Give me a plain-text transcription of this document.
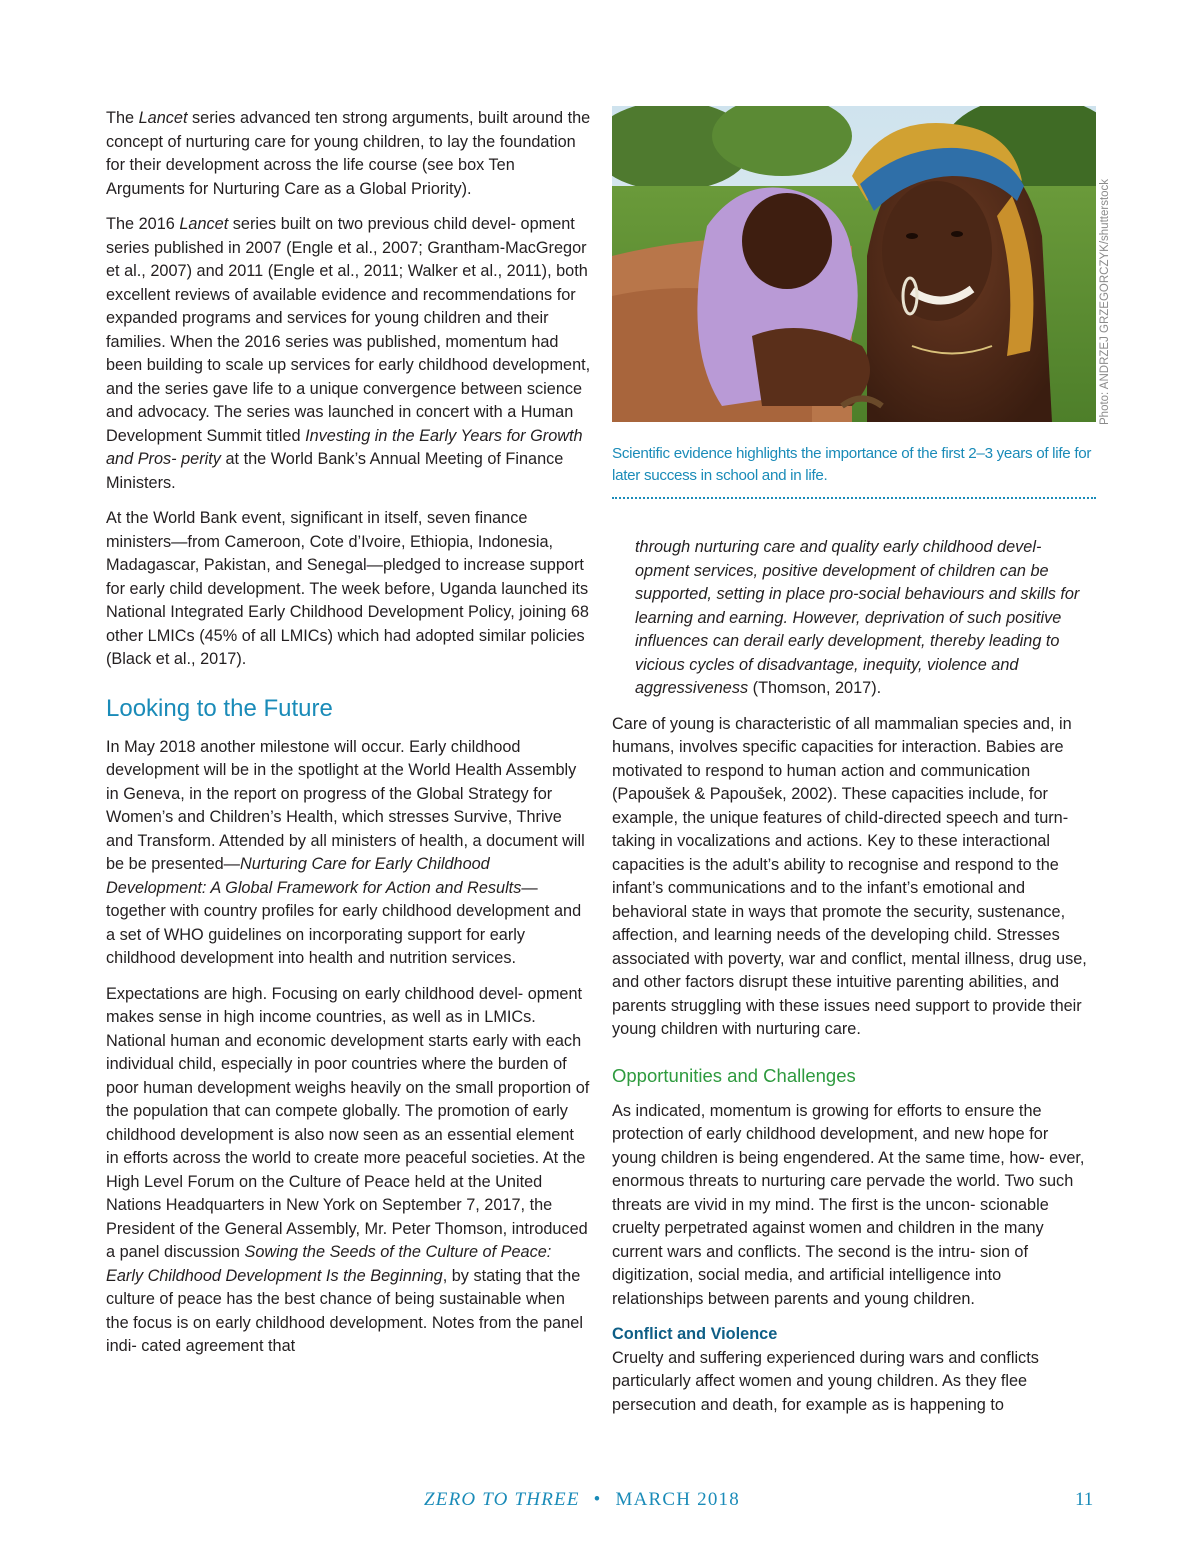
The Lancet series advanced ten strong arguments, built around the concept of nurturing care for young children, to lay the foundation for their development across the life course (see box Ten Arguments for Nurturing Care as a Global Priority).

The 2016 Lancet series built on two previous child devel- opment series published in 2007 (Engle et al., 2007; Grantham-MacGregor et al., 2007) and 2011 (Engle et al., 2011; Walker et al., 2011), both excellent reviews of available evidence and recommendations for expanded programs and services for young children and their families. When the 2016 series was published, momentum had been building to scale up services for early childhood development, and the series gave life to a unique convergence between science and advocacy. The series was launched in concert with a Human Development Summit titled Investing in the Early Years for Growth and Pros- perity at the World Bank’s Annual Meeting of Finance Ministers.

At the World Bank event, significant in itself, seven finance ministers—from Cameroon, Cote d’Ivoire, Ethiopia, Indonesia, Madagascar, Pakistan, and Senegal—pledged to increase support for early child development. The week before, Uganda launched its National Integrated Early Childhood Development Policy, joining 68 other LMICs (45% of all LMICs) which had adopted similar policies (Black et al., 2017).

Looking to the Future

In May 2018 another milestone will occur. Early childhood development will be in the spotlight at the World Health Assembly in Geneva, in the report on progress of the Global Strategy for Women’s and Children’s Health, which stresses Survive, Thrive and Transform. Attended by all ministers of health, a document will be be presented—Nurturing Care for Early Childhood Development: A Global Framework for Action and Results—together with country profiles for early childhood development and a set of WHO guidelines on incorporating support for early childhood development into health and nutrition services.

Expectations are high. Focusing on early childhood devel- opment makes sense in high income countries, as well as in LMICs. National human and economic development starts early with each individual child, especially in poor countries where the burden of poor human development weighs heavily on the small proportion of the population that can compete globally. The promotion of early childhood development is also now seen as an essential element in efforts across the world to create more peaceful societies. At the High Level Forum on the Culture of Peace held at the United Nations Headquarters in New York on September 7, 2017, the President of the General Assembly, Mr. Peter Thomson, introduced a panel discussion Sowing the Seeds of the Culture of Peace: Early Childhood Development Is the Beginning, by stating that the culture of peace has the best chance of being sustainable when the focus is on early childhood development. Notes from the panel indi- cated agreement that

Photo: ANDRZEJ GRZEGORCZYK/shutterstock
Scientific evidence highlights the importance of the first 2–3 years of life for later success in school and in life.

through nurturing care and quality early childhood devel- opment services, positive development of children can be supported, setting in place pro-social behaviours and skills for learning and earning. However, deprivation of such positive influences can derail early development, thereby leading to vicious cycles of disadvantage, inequity, violence and aggressiveness (Thomson, 2017).

Care of young is characteristic of all mammalian species and, in humans, involves specific capacities for interaction. Babies are motivated to respond to human action and communication (Papoušek & Papoušek, 2002). These capacities include, for example, the unique features of child-directed speech and turn-taking in vocalizations and actions. Key to these interactional capacities is the adult’s ability to recognise and respond to the infant’s communications and to the infant’s emotional and behavioral state in ways that promote the security, sustenance, affection, and learning needs of the developing child. Stresses associated with poverty, war and conflict, mental illness, drug use, and other factors disrupt these intuitive parenting abilities, and parents struggling with these issues need support to provide their young children with nurturing care.

Opportunities and Challenges

As indicated, momentum is growing for efforts to ensure the protection of early childhood development, and new hope for young children is being engendered. At the same time, how- ever, enormous threats to nurturing care pervade the world. Two such threats are vivid in my mind. The first is the uncon- scionable cruelty perpetrated against women and children in the many current wars and conflicts. The second is the intru- sion of digitization, social media, and artificial intelligence into relationships between parents and young children.

Conflict and Violence

Cruelty and suffering experienced during wars and conflicts particularly affect women and young children. As they flee persecution and death, for example as is happening to

ZERO TO THREE • MARCH 2018	11
